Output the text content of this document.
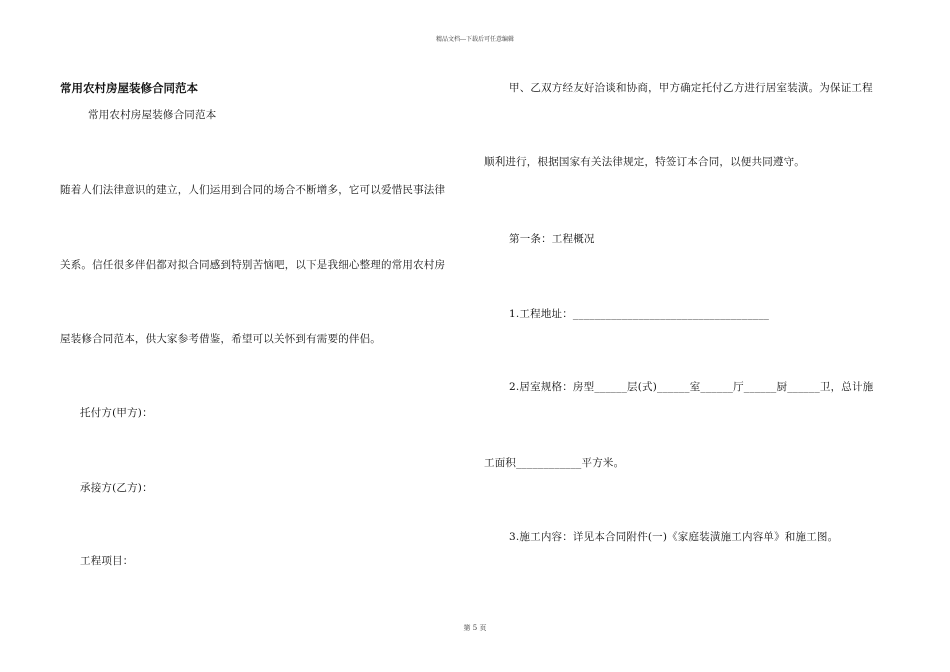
精品文档---下载后可任意编辑
常用农村房屋装修合同范本
常用农村房屋装修合同范本
随着人们法律意识的建立，人们运用到合同的场合不断增多，它可以爱惜民事法律
关系。信任很多伴侣都对拟合同感到特别苦恼吧，以下是我细心整理的常用农村房
屋装修合同范本，供大家参考借鉴，希望可以关怀到有需要的伴侣。
托付方(甲方)：
承接方(乙方)：
工程项目：
甲、乙双方经友好洽谈和协商，甲方确定托付乙方进行居室装潢。为保证工程
顺利进行，根据国家有关法律规定，特签订本合同，以便共同遵守。
第一条：工程概况
1.工程地址：____________________________________
2.居室规格：房型______层(式)______室______厅______厨______卫，总计施
工面积____________平方米。
3.施工内容：详见本合同附件(一)《家庭装潢施工内容单》和施工图。
第 5 页
